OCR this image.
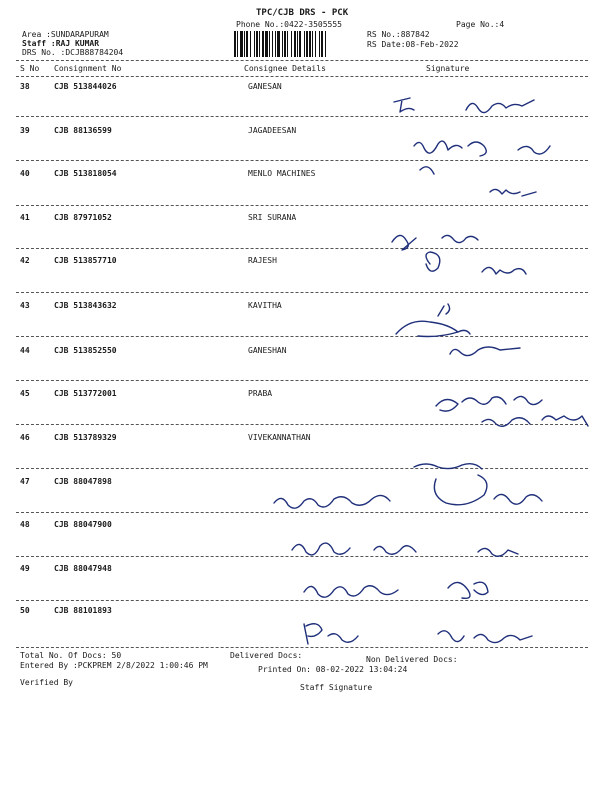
TPC/CJB DRS - PCK
Phone No.:0422-3505555	Page No.:4
Area :SUNDARAPURAM
Staff :RAJ KUMAR
DRS No. :DCJB88784204
RS No.:887842
RS Date:08-Feb-2022
S No Consignment No	Consignee Details	Signature
38	CJB 513844026	GANESAN
39	CJB 88136599	JAGADEESAN
40	CJB 513818054	MENLO MACHINES
41	CJB 87971052	SRI SURANA
42	CJB 513857710	RAJESH
43	CJB 513843632	KAVITHA
44	CJB 513852550	GANESHAN
45	CJB 513772001	PRABA
46	CJB 513789329	VIVEKANNATHAN
47	CJB 88047898
48	CJB 88047900
49	CJB 88047948
50	CJB 88101893
Total No. Of Docs: 50	Delivered Docs:	Non Delivered Docs:
Entered By :PCKPREM 2/8/2022 1:00:46 PM	Printed On: 08-02-2022 13:04:24
Verified By
Staff Signature
